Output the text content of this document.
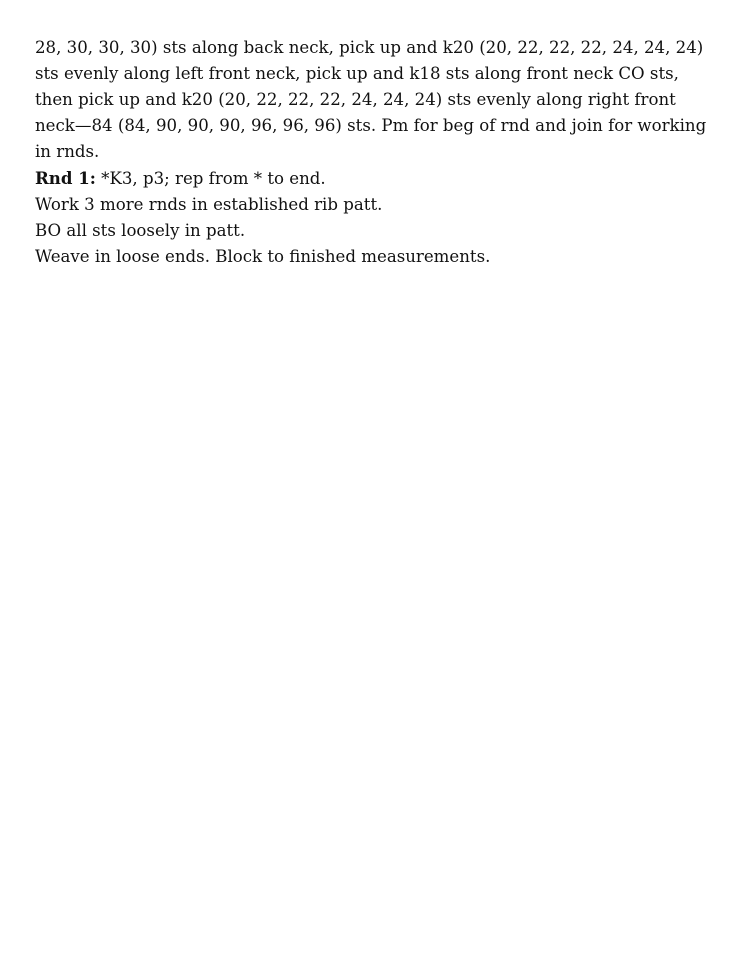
28, 30, 30, 30) sts along back neck, pick up and k20 (20, 22, 22, 22, 24, 24, 24) sts evenly along left front neck, pick up and k18 sts along front neck CO sts, then pick up and k20 (20, 22, 22, 22, 24, 24, 24) sts evenly along right front neck—84 (84, 90, 90, 90, 96, 96, 96) sts. Pm for beg of rnd and join for working in rnds.

Rnd 1: *K3, p3; rep from * to end.

Work 3 more rnds in established rib patt.

BO all sts loosely in patt.

Weave in loose ends. Block to finished measurements.
